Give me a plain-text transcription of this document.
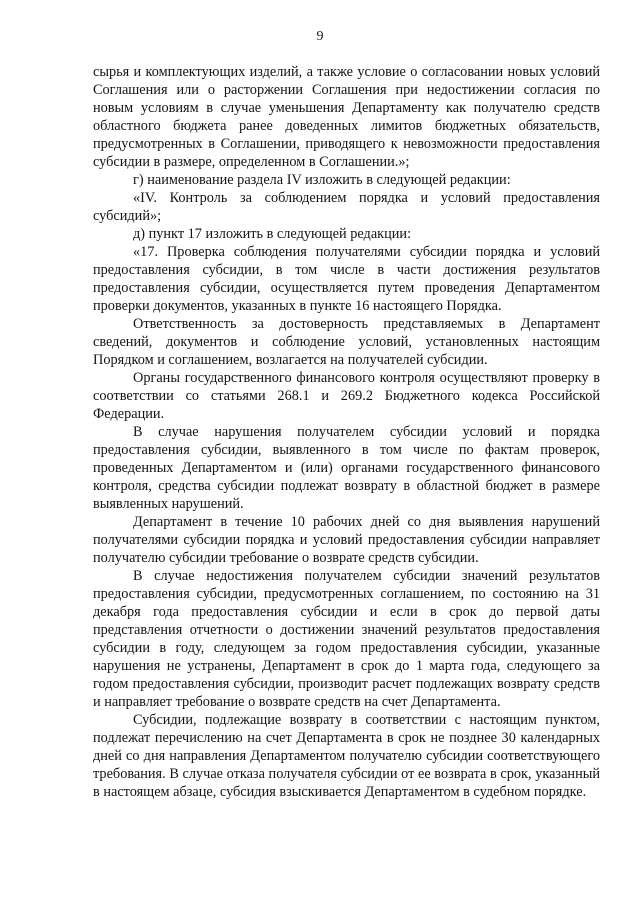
9

сырья и комплектующих изделий, а также условие о согласовании новых условий Соглашения или о расторжении Соглашения при недостижении согласия по новым условиям в случае уменьшения Департаменту как получателю средств областного бюджета ранее доведенных лимитов бюджетных обязательств, предусмотренных в Соглашении, приводящего к невозможности предоставления субсидии в размере, определенном в Соглашении.»;

г) наименование раздела IV изложить в следующей редакции:

«IV. Контроль за соблюдением порядка и условий предоставления субсидий»;

д) пункт 17 изложить в следующей редакции:

«17. Проверка соблюдения получателями субсидии порядка и условий предоставления субсидии, в том числе в части достижения результатов предоставления субсидии, осуществляется путем проведения Департаментом проверки документов, указанных в пункте 16 настоящего Порядка.

Ответственность за достоверность представляемых в Департамент сведений, документов и соблюдение условий, установленных настоящим Порядком и соглашением, возлагается на получателей субсидии.

Органы государственного финансового контроля осуществляют проверку в соответствии со статьями 268.1 и 269.2 Бюджетного кодекса Российской Федерации.

В случае нарушения получателем субсидии условий и порядка предоставления субсидии, выявленного в том числе по фактам проверок, проведенных Департаментом и (или) органами государственного финансового контроля, средства субсидии подлежат возврату в областной бюджет в размере выявленных нарушений.

Департамент в течение 10 рабочих дней со дня выявления нарушений получателями субсидии порядка и условий предоставления субсидии направляет получателю субсидии требование о возврате средств субсидии.

В случае недостижения получателем субсидии значений результатов предоставления субсидии, предусмотренных соглашением, по состоянию на 31 декабря года предоставления субсидии и если в срок до первой даты представления отчетности о достижении значений результатов предоставления субсидии в году, следующем за годом предоставления субсидии, указанные нарушения не устранены, Департамент в срок до 1 марта года, следующего за годом предоставления субсидии, производит расчет подлежащих возврату средств и направляет требование о возврате средств на счет Департамента.

Субсидии, подлежащие возврату в соответствии с настоящим пунктом, подлежат перечислению на счет Департамента в срок не позднее 30 календарных дней со дня направления Департаментом получателю субсидии соответствующего требования. В случае отказа получателя субсидии от ее возврата в срок, указанный в настоящем абзаце, субсидия взыскивается Департаментом в судебном порядке.
